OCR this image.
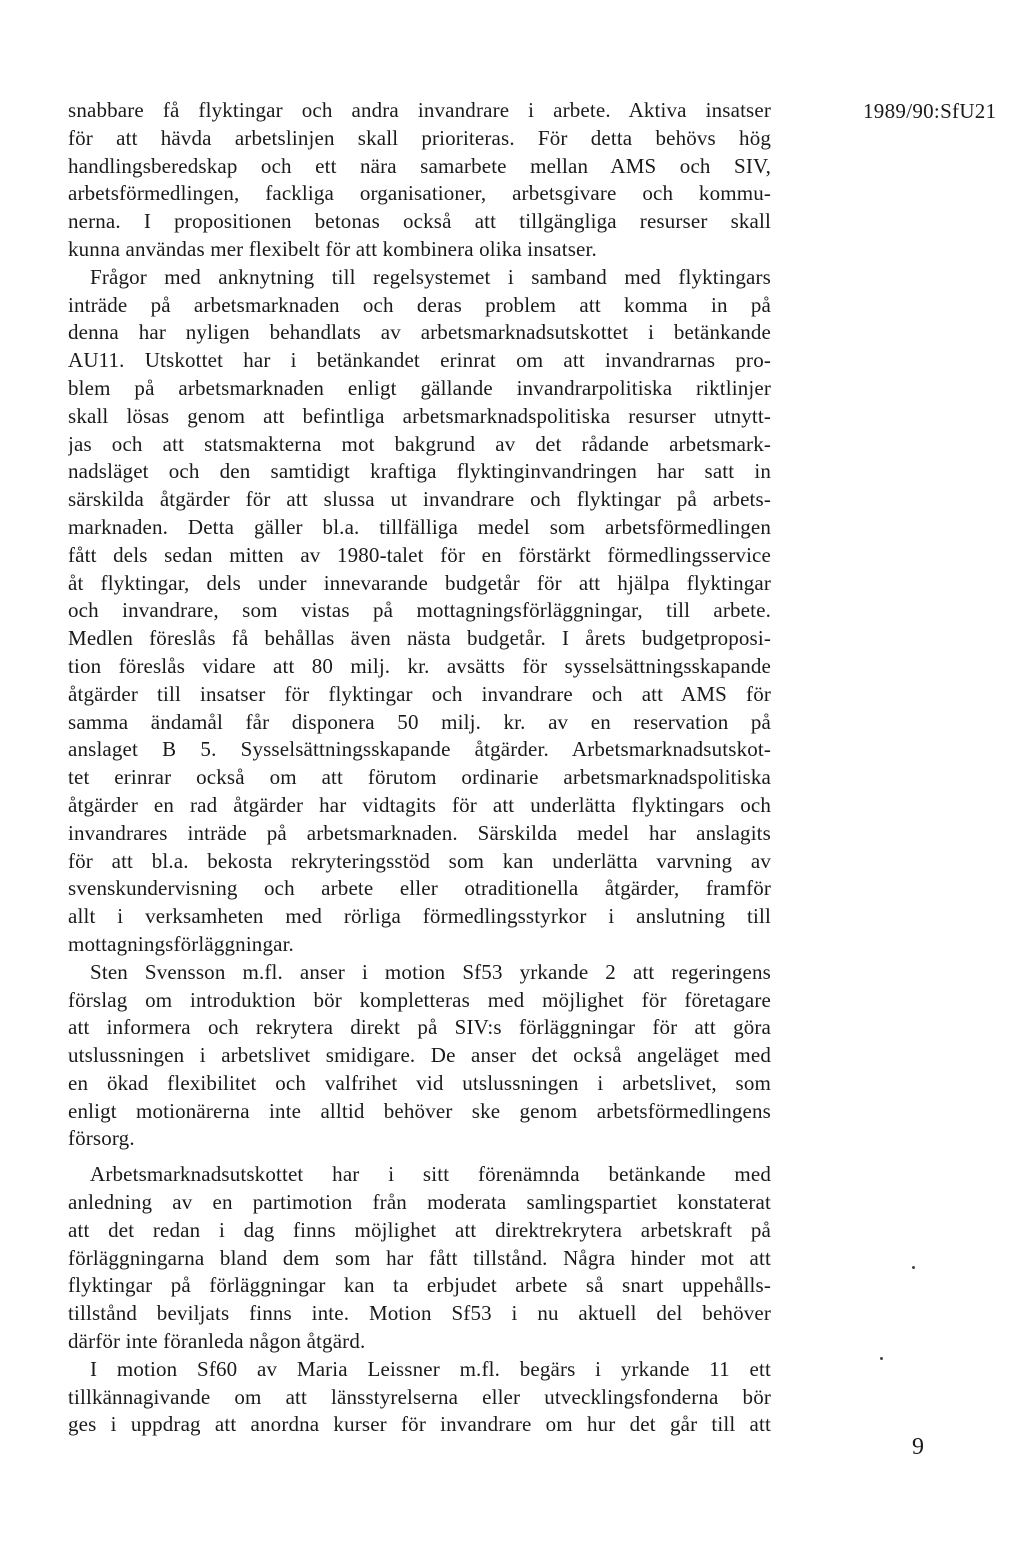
1989/90:SfU21
snabbare få flyktingar och andra invandrare i arbete. Aktiva insatser
för att hävda arbetslinjen skall prioriteras. För detta behövs hög
handlingsberedskap och ett nära samarbete mellan AMS och SIV,
arbetsförmedlingen, fackliga organisationer, arbetsgivare och kommu-
nerna. I propositionen betonas också att tillgängliga resurser skall
kunna användas mer flexibelt för att kombinera olika insatser.
Frågor med anknytning till regelsystemet i samband med flyktingars
inträde på arbetsmarknaden och deras problem att komma in på
denna har nyligen behandlats av arbetsmarknadsutskottet i betänkande
AU11. Utskottet har i betänkandet erinrat om att invandrarnas pro-
blem på arbetsmarknaden enligt gällande invandrarpolitiska riktlinjer
skall lösas genom att befintliga arbetsmarknadspolitiska resurser utnytt-
jas och att statsmakterna mot bakgrund av det rådande arbetsmark-
nadsläget och den samtidigt kraftiga flyktinginvandringen har satt in
särskilda åtgärder för att slussa ut invandrare och flyktingar på arbets-
marknaden. Detta gäller bl.a. tillfälliga medel som arbetsförmedlingen
fått dels sedan mitten av 1980-talet för en förstärkt förmedlingsservice
åt flyktingar, dels under innevarande budgetår för att hjälpa flyktingar
och invandrare, som vistas på mottagningsförläggningar, till arbete.
Medlen föreslås få behållas även nästa budgetår. I årets budgetproposi-
tion föreslås vidare att 80 milj. kr. avsätts för sysselsättningsskapande
åtgärder till insatser för flyktingar och invandrare och att AMS för
samma ändamål får disponera 50 milj. kr. av en reservation på
anslaget B 5. Sysselsättningsskapande åtgärder. Arbetsmarknadsutskot-
tet erinrar också om att förutom ordinarie arbetsmarknadspolitiska
åtgärder en rad åtgärder har vidtagits för att underlätta flyktingars och
invandrares inträde på arbetsmarknaden. Särskilda medel har anslagits
för att bl.a. bekosta rekryteringsstöd som kan underlätta varvning av
svenskundervisning och arbete eller otraditionella åtgärder, framför
allt i verksamheten med rörliga förmedlingsstyrkor i anslutning till
mottagningsförläggningar.
Sten Svensson m.fl. anser i motion Sf53 yrkande 2 att regeringens
förslag om introduktion bör kompletteras med möjlighet för företagare
att informera och rekrytera direkt på SIV:s förläggningar för att göra
utslussningen i arbetslivet smidigare. De anser det också angeläget med
en ökad flexibilitet och valfrihet vid utslussningen i arbetslivet, som
enligt motionärerna inte alltid behöver ske genom arbetsförmedlingens
försorg.
Arbetsmarknadsutskottet har i sitt förenämnda betänkande med
anledning av en partimotion från moderata samlingspartiet konstaterat
att det redan i dag finns möjlighet att direktrekrytera arbetskraft på
förläggningarna bland dem som har fått tillstånd. Några hinder mot att
flyktingar på förläggningar kan ta erbjudet arbete så snart uppehålls-
tillstånd beviljats finns inte. Motion Sf53 i nu aktuell del behöver
därför inte föranleda någon åtgärd.
I motion Sf60 av Maria Leissner m.fl. begärs i yrkande 11 ett
tillkännagivande om att länsstyrelserna eller utvecklingsfonderna bör
ges i uppdrag att anordna kurser för invandrare om hur det går till att
9
